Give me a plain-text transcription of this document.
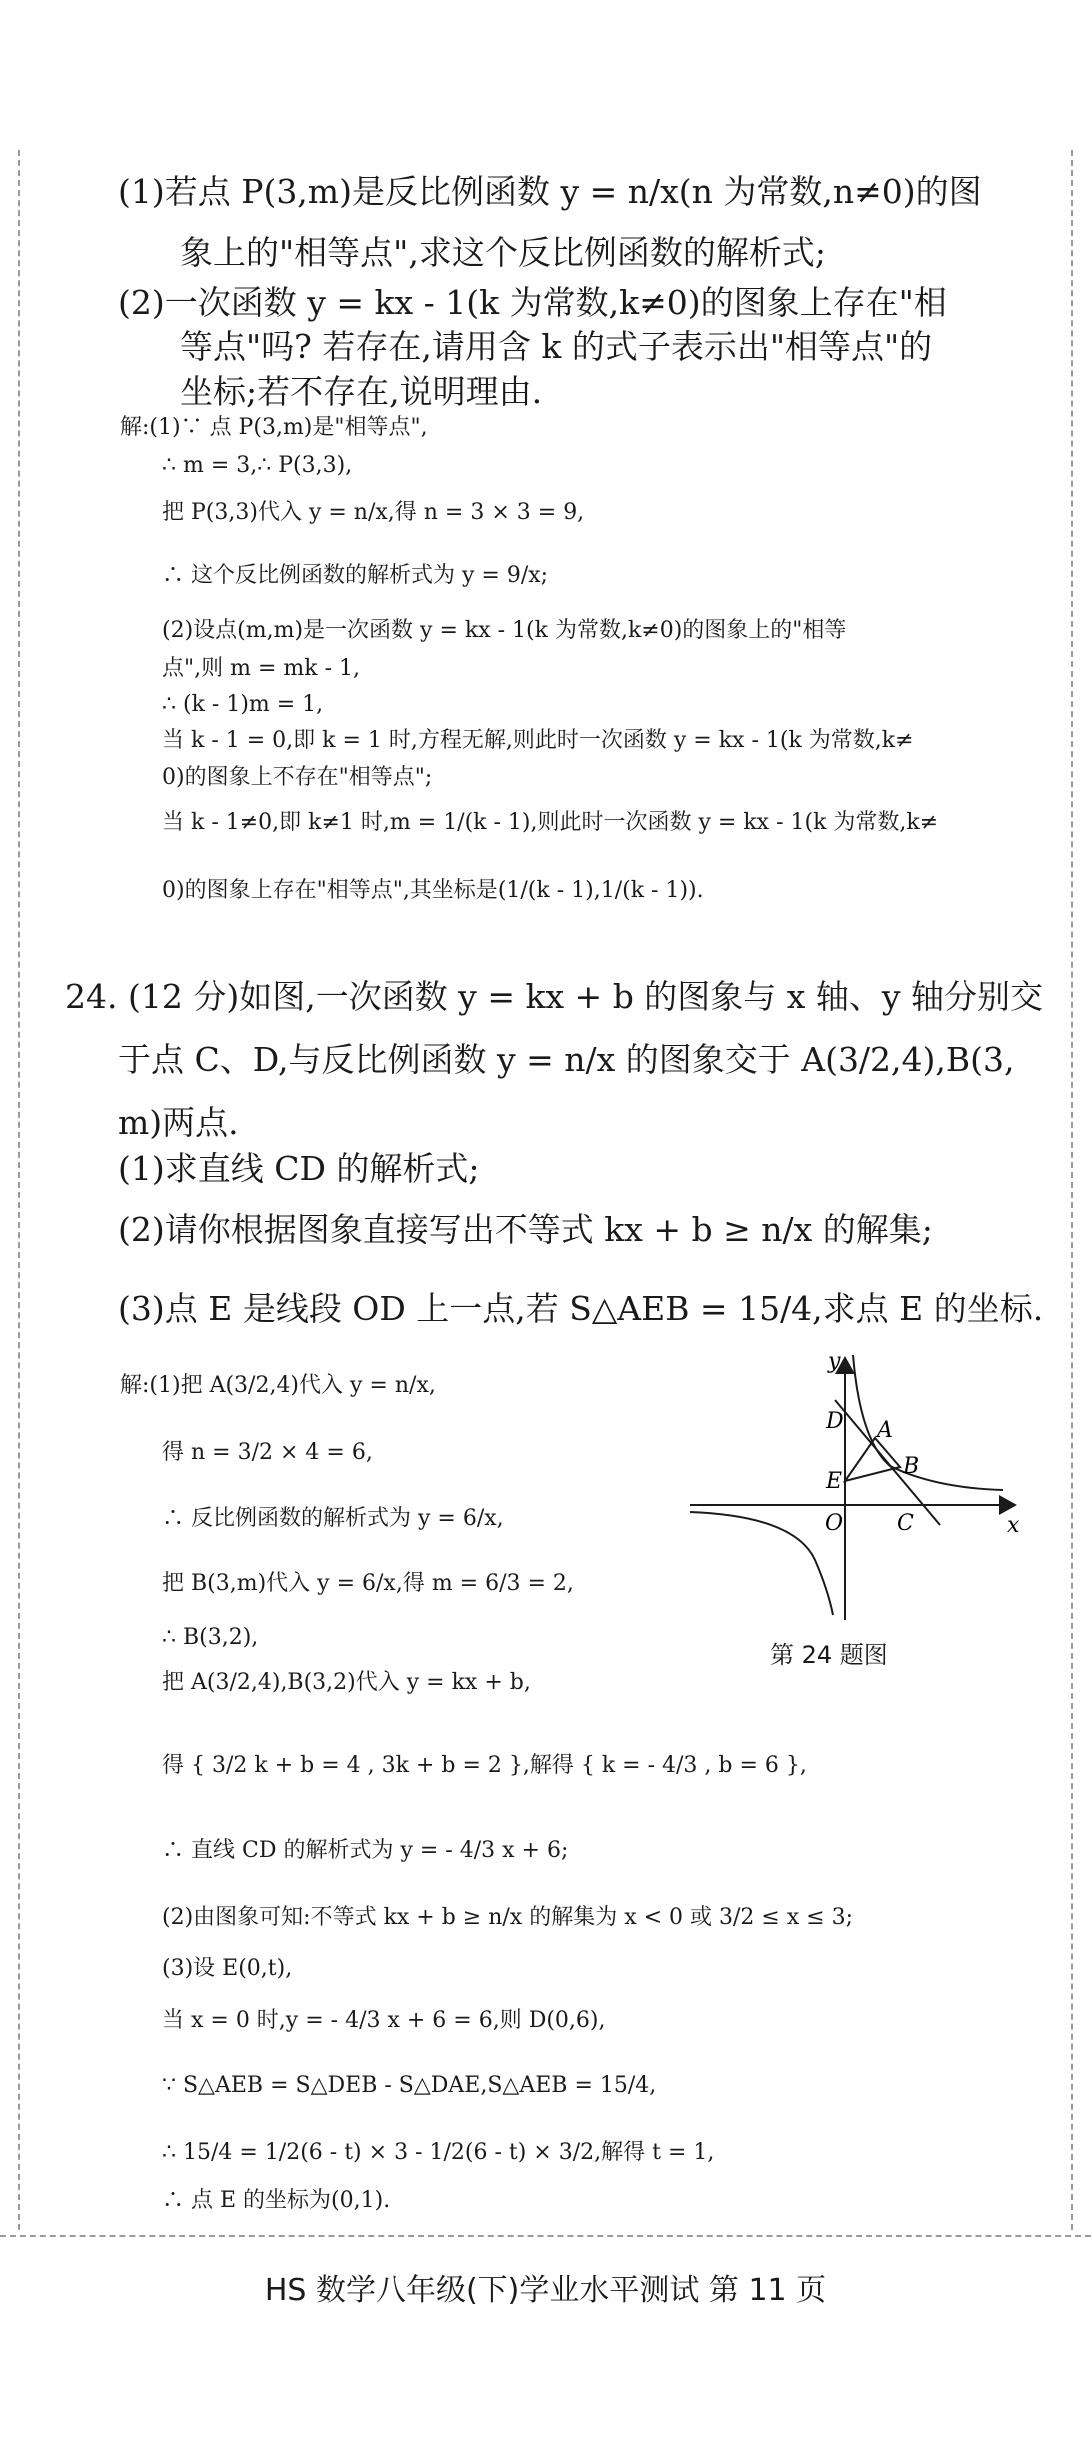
(1)若点 P(3,m)是反比例函数 y = n/x(n 为常数,n≠0)的图
象上的"相等点",求这个反比例函数的解析式;
(2)一次函数 y = kx - 1(k 为常数,k≠0)的图象上存在"相
等点"吗? 若存在,请用含 k 的式子表示出"相等点"的
坐标;若不存在,说明理由.
解:(1)∵ 点 P(3,m)是"相等点",
∴ m = 3,∴ P(3,3),
把 P(3,3)代入 y = n/x,得 n = 3 × 3 = 9,
∴ 这个反比例函数的解析式为 y = 9/x;
(2)设点(m,m)是一次函数 y = kx - 1(k 为常数,k≠0)的图象上的"相等
点",则 m = mk - 1,
∴ (k - 1)m = 1,
当 k - 1 = 0,即 k = 1 时,方程无解,则此时一次函数 y = kx - 1(k 为常数,k≠
0)的图象上不存在"相等点";
当 k - 1≠0,即 k≠1 时,m = 1/(k - 1),则此时一次函数 y = kx - 1(k 为常数,k≠
0)的图象上存在"相等点",其坐标是(1/(k - 1),1/(k - 1)).
24. (12 分)如图,一次函数 y = kx + b 的图象与 x 轴、y 轴分别交
于点 C、D,与反比例函数 y = n/x 的图象交于 A(3/2,4),B(3,
m)两点.
(1)求直线 CD 的解析式;
(2)请你根据图象直接写出不等式 kx + b ≥ n/x 的解集;
(3)点 E 是线段 OD 上一点,若 S△AEB = 15/4,求点 E 的坐标.
解:(1)把 A(3/2,4)代入 y = n/x,
得 n = 3/2 × 4 = 6,
∴ 反比例函数的解析式为 y = 6/x,
把 B(3,m)代入 y = 6/x,得 m = 6/3 = 2,
∴ B(3,2),
把 A(3/2,4),B(3,2)代入 y = kx + b,
得 { 3/2 k + b = 4 , 3k + b = 2 },解得 { k = - 4/3 , b = 6 },
∴ 直线 CD 的解析式为 y = - 4/3 x + 6;
(2)由图象可知:不等式 kx + b ≥ n/x 的解集为 x < 0 或 3/2 ≤ x ≤ 3;
(3)设 E(0,t),
当 x = 0 时,y = - 4/3 x + 6 = 6,则 D(0,6),
∵ S△AEB = S△DEB - S△DAE,S△AEB = 15/4,
∴ 15/4 = 1/2(6 - t) × 3 - 1/2(6 - t) × 3/2,解得 t = 1,
∴ 点 E 的坐标为(0,1).
y
x
O
D A
B
E
C
第 24 题图
HS 数学八年级(下)学业水平测试 第 11 页
